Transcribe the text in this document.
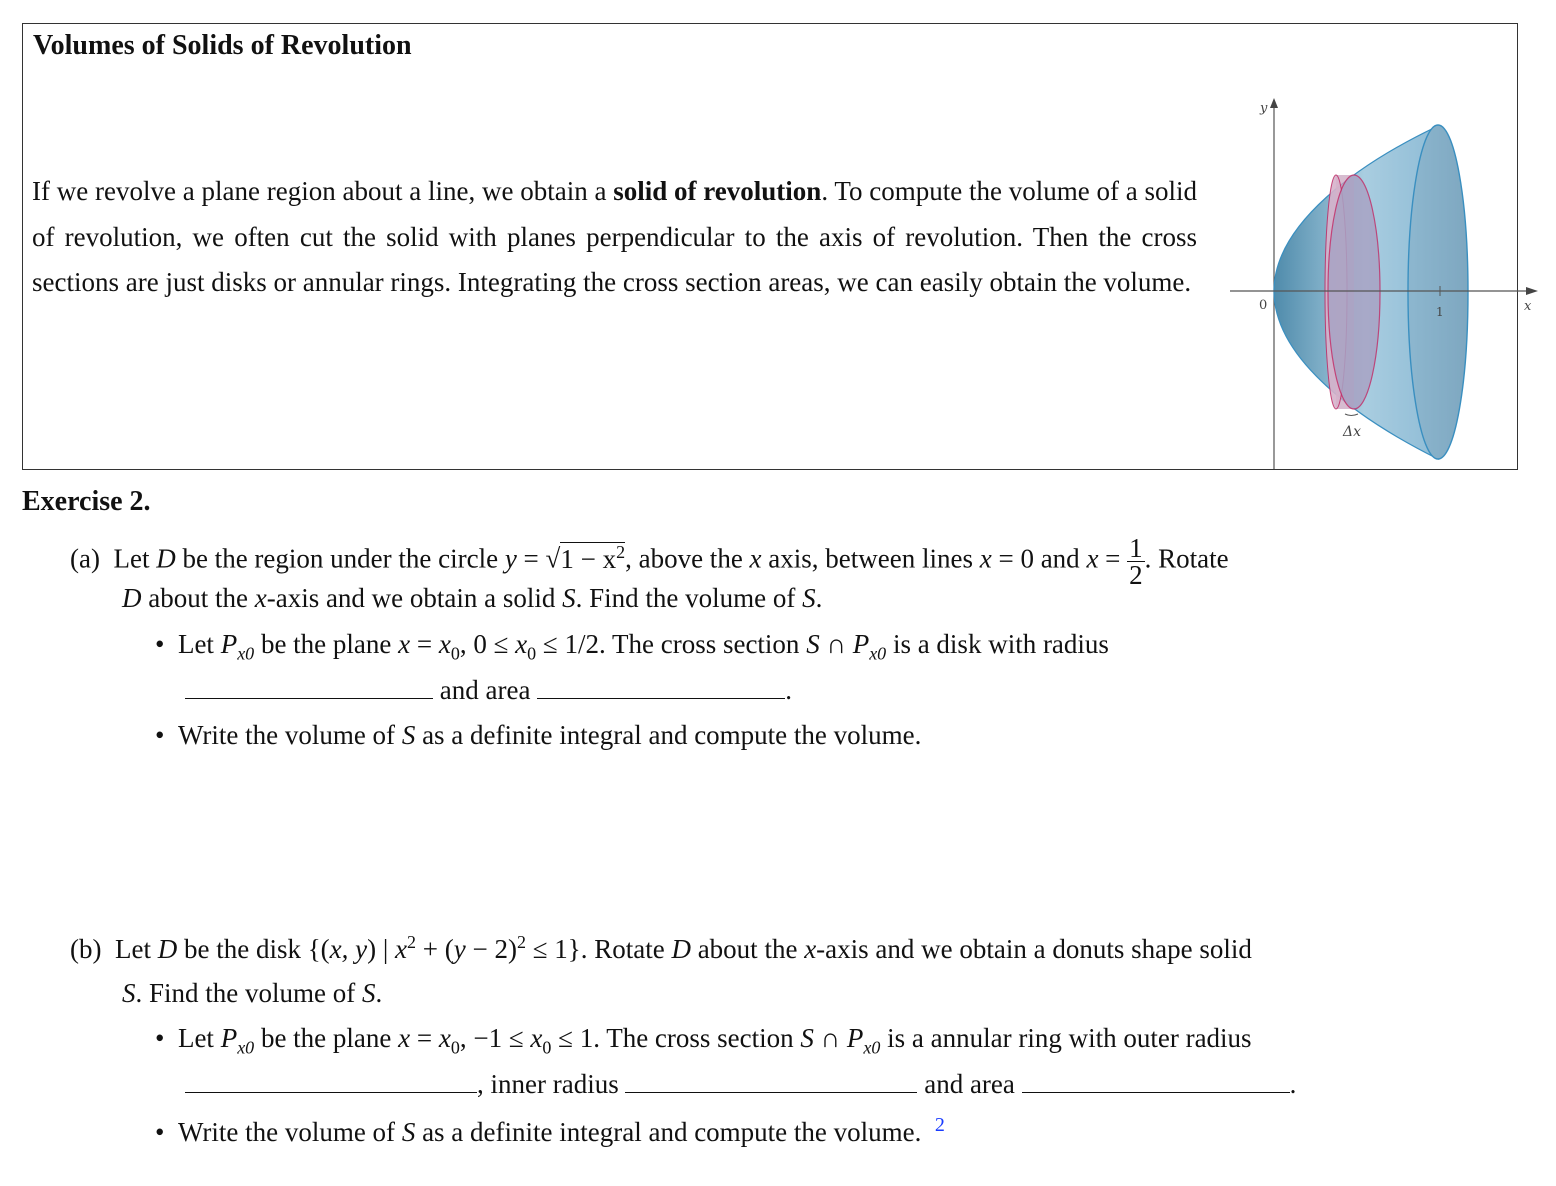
Volumes of Solids of Revolution
If we revolve a plane region about a line, we obtain a solid of revolution. To compute the volume of a solid of revolution, we often cut the solid with planes perpendicular to the axis of revolution. Then the cross sections are just disks or annular rings. Integrating the cross section areas, we can easily obtain the volume.
y
x
0	1
Δx
Exercise 2.
(a) Let D be the region under the circle $y = √1 - x^2$, above the x axis, between lines x = 0 and $x = \frac{1}{2}$ . Rotate
D about the x-axis and we obtain a solid S. Find the volume of S.
• Let $P_{x0}$ be the plane $x = x_0$, $0 \le x_0 \le 1/2$. The cross section S ∩ $P_{x0}$ is a disk with radius
and area	.
• Write the volume of S as a definite integral and compute the volume.
(b) Let D be the disk {(x, y) | $x^2 + (y - 2)^2 \le 1$}. Rotate D about the x-axis and we obtain a donuts shape solid
S. Find the volume of S.
• Let $P_{x0}$ be the plane $x = x_0$, $-1 \le x_0 \le 1$. The cross section S ∩ $P_{x0}$ is a annular ring with outer radius
, inner radius	and area	.
• Write the volume of S as a definite integral and compute the volume. $^2$
